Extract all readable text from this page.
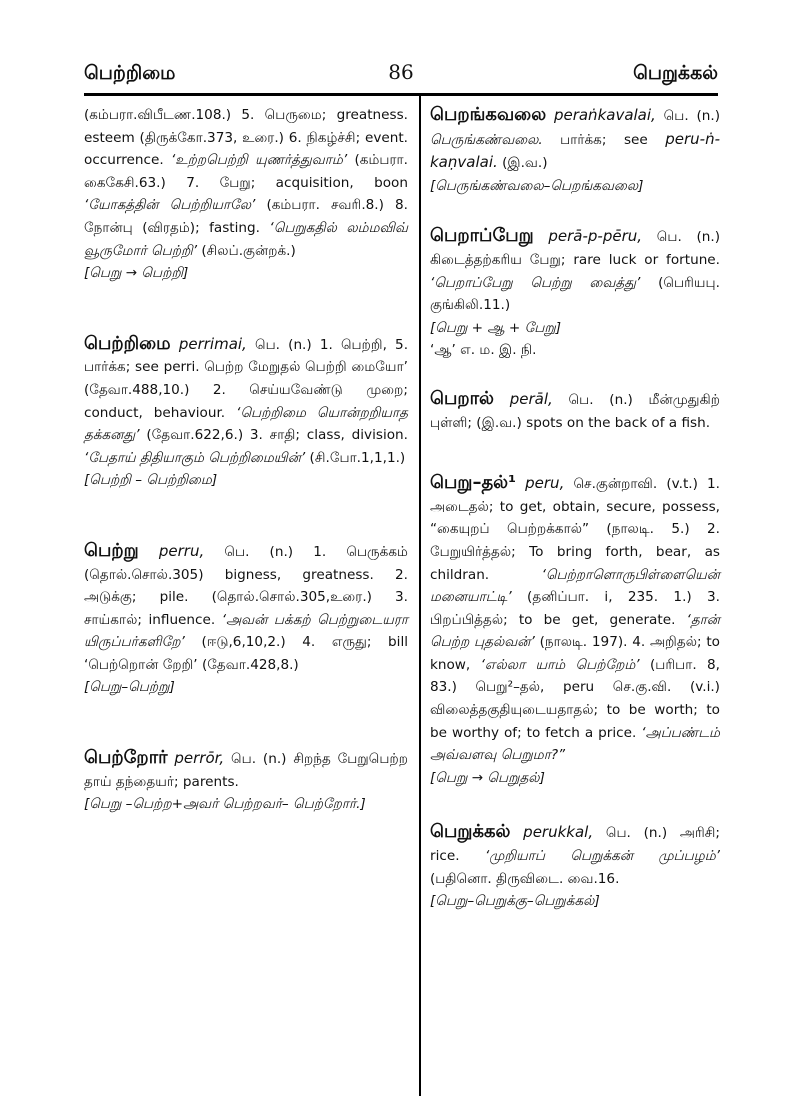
பெற்றிமை	86	பெறுக்கல்

(கம்பரா.விபீடண.108.) 5. பெருமை; greatness. esteem (திருக்கோ.373, உரை.) 6. நிகழ்ச்சி; event. occurrence. ‘உற்றபெற்றி யுணர்த்துவாம்’ (கம்பரா. கைகேசி.63.) 7. பேறு; acquisition, boon ‘யோகத்தின் பெற்றியாலே’ (கம்பரா. சவரி.8.) 8. நோன்பு (விரதம்); fasting. ‘பெறுகதில் லம்மவிவ் வூருமோர் பெற்றி’ (சிலப்.குன்றக்.)

[பெறு → பெற்றி]

பெற்றிமை perrimai, பெ. (n.) 1. பெற்றி, 5. பார்க்க; see perri. பெற்ற மேறுதல் பெற்றி மையோ’ (தேவா.488,10.) 2. செய்யவேண்டு முறை; conduct, behaviour. ‘பெற்றிமை யொன்றறியாத தக்கனது’ (தேவா.622,6.) 3. சாதி; class, division. ‘பேதாய் திதியாகும் பெற்றிமையின்’ (சி.போ.1,1,1.)

[பெற்றி – பெற்றிமை]

பெற்று perru, பெ. (n.) 1. பெருக்கம் (தொல்.சொல்.305) bigness, greatness. 2. அடுக்கு; pile. (தொல்.சொல்.305,உரை.) 3. சாய்கால்; influence. ‘அவன் பக்கற் பெற்றுடையரா யிருப்பர்களிறே’ (ஈடு,6,10,2.) 4. எருது; bill ‘பெற்றொன் றேறி’ (தேவா.428,8.)

[பெறு–பெற்று]

பெற்றோர் perrōr, பெ. (n.) சிறந்த பேறுபெற்ற தாய் தந்தையர்; parents.

[பெறு –பெற்ற+அவர் பெற்றவர்– பெற்றோர்.]

பெறங்கவலை peraṅkavalai, பெ. (n.) பெருங்கண்வலை. பார்க்க; see peru-ṅ-kaṇvalai. (இ.வ.)

[பெருங்கண்வலை–பெறங்கவலை]

பெறாப்பேறு perā-p-pēru, பெ. (n.) கிடைத்தற்கரிய பேறு; rare luck or fortune. ‘பெறாப்பேறு பெற்று வைத்து’ (பெரியபு. குங்கிலி.11.)

[பெறு + ஆ + பேறு]

‘ஆ’ எ. ம. இ. நி.

பெறால் perāl, பெ. (n.) மீன்முதுகிற் புள்ளி; (இ.வ.) spots on the back of a fish.

பெறு–தல்¹ peru, செ.குன்றாவி. (v.t.) 1. அடைதல்; to get, obtain, secure, possess, “கையுறப் பெற்றக்கால்” (நாலடி. 5.) 2. பேறுயிர்த்தல்; To bring forth, bear, as childran.	‘பெற்றாளொருபிள்ளையென் மனையாட்டி’ (தனிப்பா. i, 235. 1.) 3. பிறப்பித்தல்; to be get, generate. ‘தான் பெற்ற புதல்வன்’ (நாலடி. 197). 4. அறிதல்; to know, ‘எல்லா யாம் பெற்றேம்’ (பரிபா. 8, 83.) பெறு²–தல், peru செ.கு.வி. (v.i.) விலைத்தகுதியுடையதாதல்; to be worth; to be worthy of; to fetch a price. ‘அப்பண்டம் அவ்வளவு பெறுமா?”

[பெறு → பெறுதல்]

பெறுக்கல் perukkal, பெ. (n.) அரிசி; rice. ‘முறியாப் பெறுக்கன் முப்பழம்’ (பதினொ. திருவிடை. வை.16.

[பெறு–பெறுக்கு–பெறுக்கல்]
